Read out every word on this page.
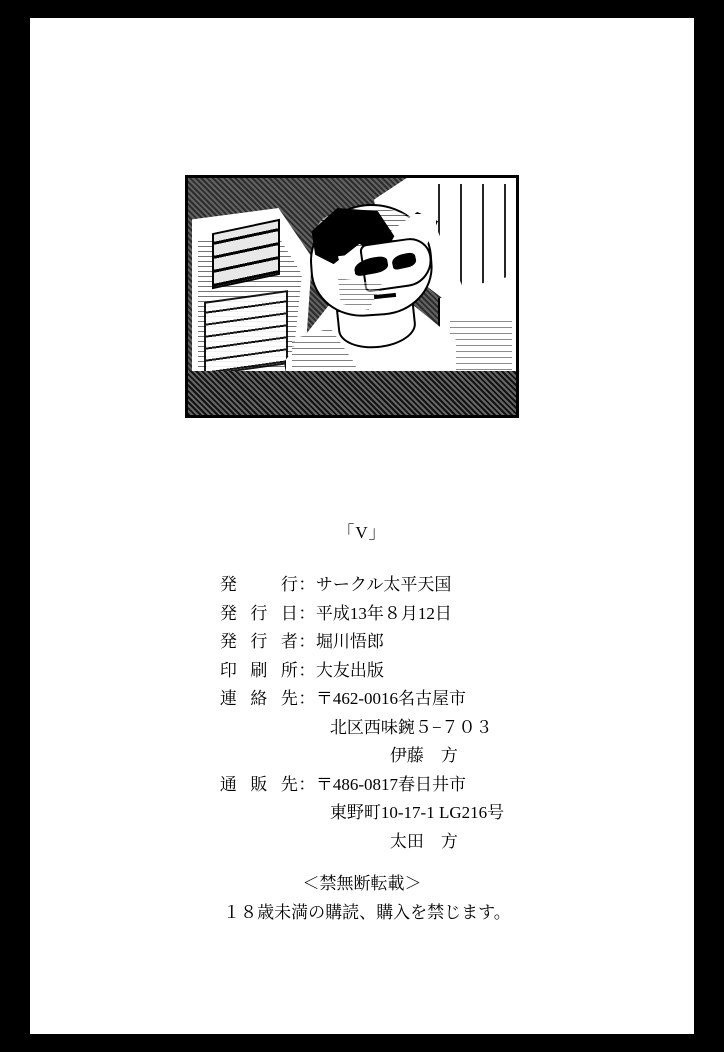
「V」
発　行	：	サークル太平天国
発行日	：	平成13年８月12日
発行者	：	堀川悟郎
印刷所	：	大友出版
連絡先	：	〒462-0016名古屋市
		北区西味鋺５−７０３
		伊藤　方
通販先	：	〒486-0817春日井市
		東野町10-17-1 LG216号
		太田　方
＜禁無断転載＞
１８歳未満の購読、購入を禁じます。
